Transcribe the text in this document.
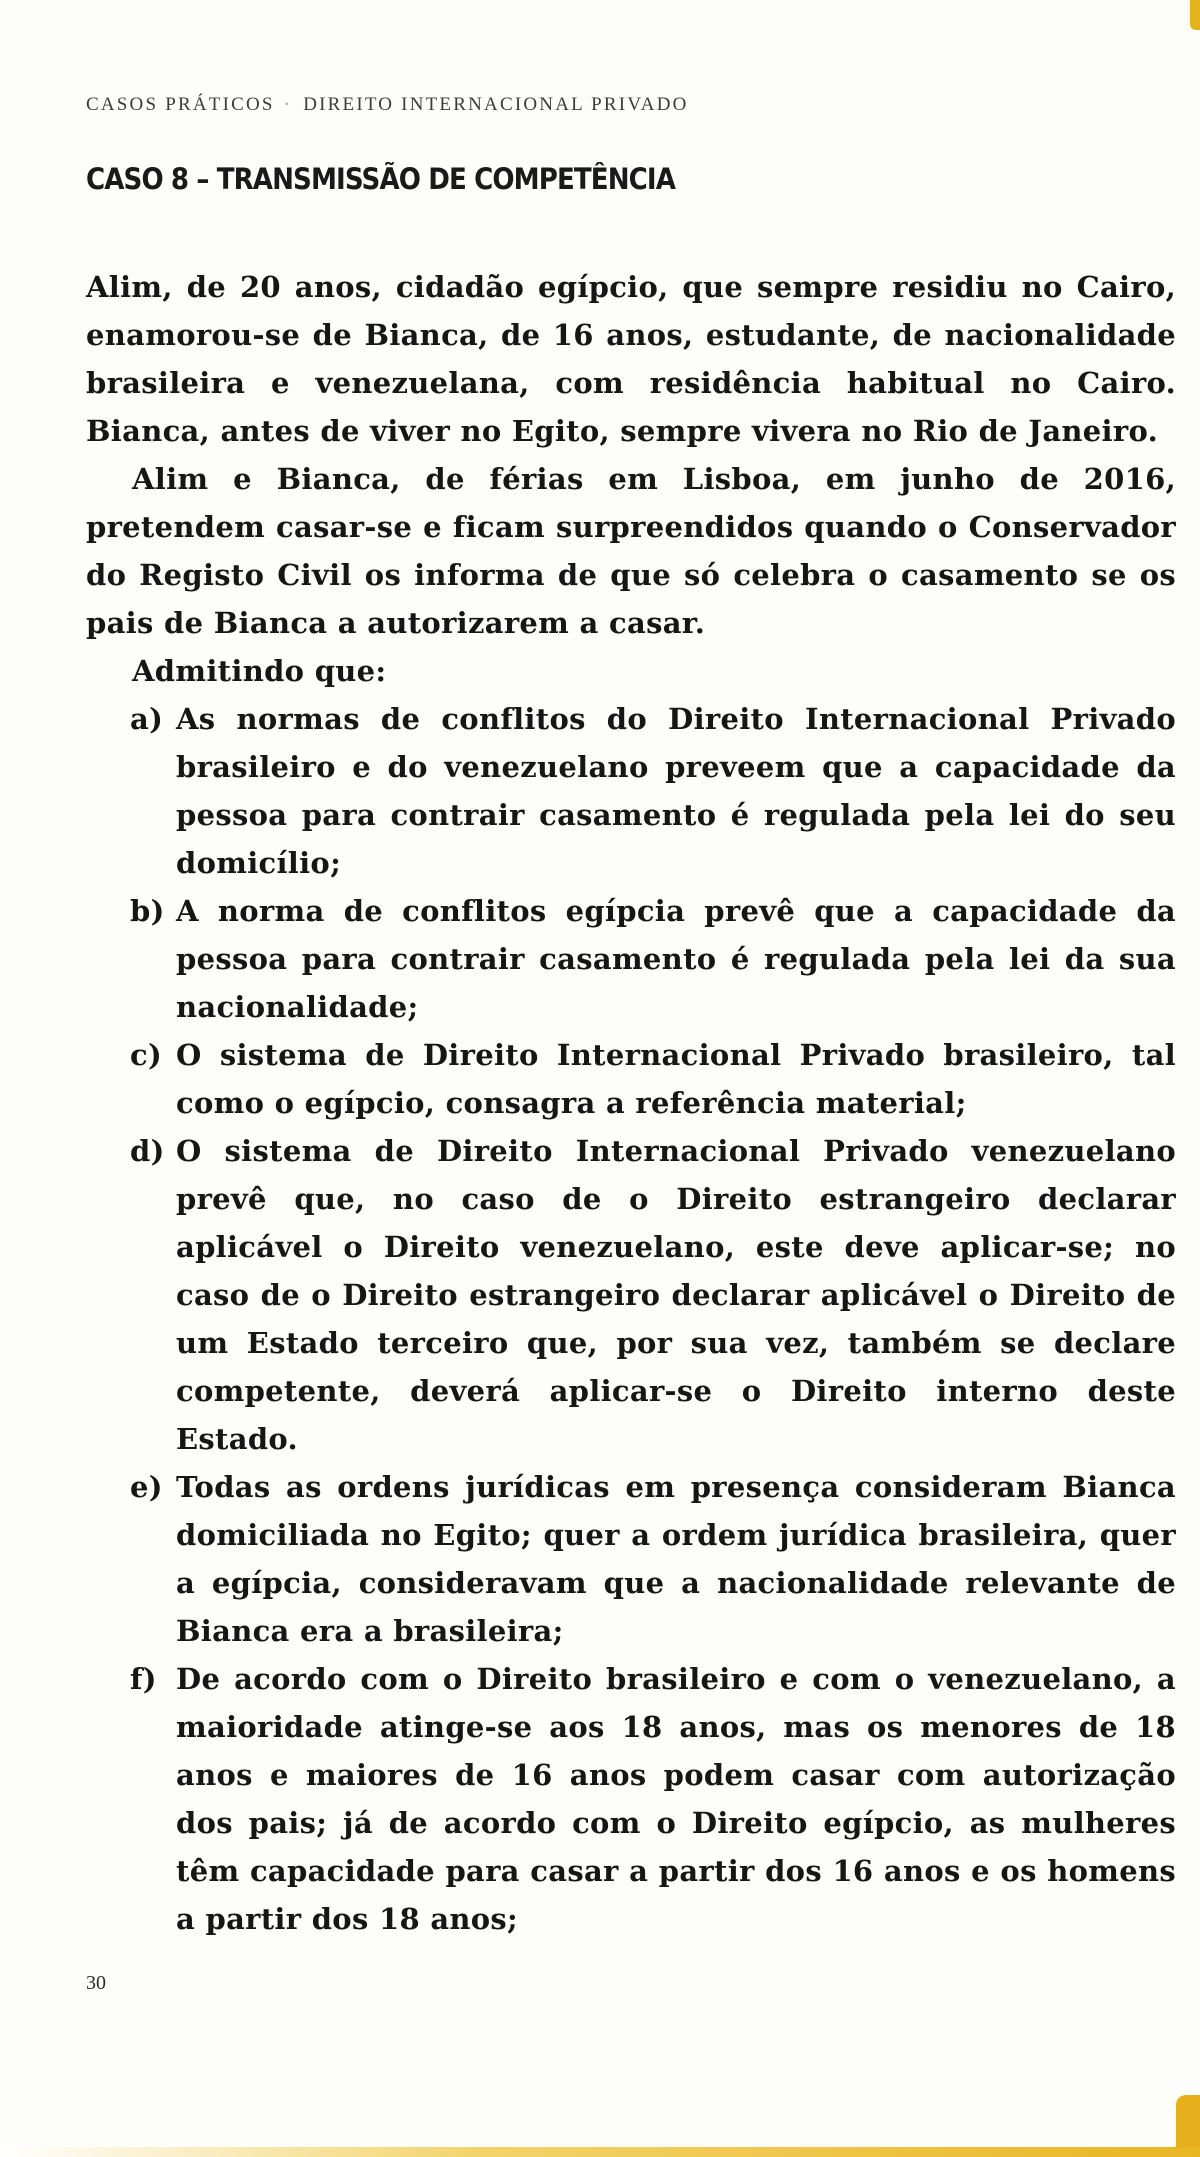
CASOS PRÁTICOS · DIREITO INTERNACIONAL PRIVADO
CASO 8 – TRANSMISSÃO DE COMPETÊNCIA

Alim, de 20 anos, cidadão egípcio, que sempre residiu no Cairo, enamorou-se de Bianca, de 16 anos, estudante, de nacionalidade brasileira e venezuelana, com residência habitual no Cairo. Bianca, antes de viver no Egito, sempre vivera no Rio de Janeiro.

Alim e Bianca, de férias em Lisboa, em junho de 2016, pretendem casar-se e ficam surpreendidos quando o Conservador do Registo Civil os informa de que só celebra o casamento se os pais de Bianca a autorizarem a casar.

Admitindo que:

a) As normas de conflitos do Direito Internacional Privado brasileiro e do venezuelano preveem que a capacidade da pessoa para contrair casamento é regulada pela lei do seu domicílio;
b) A norma de conflitos egípcia prevê que a capacidade da pessoa para contrair casamento é regulada pela lei da sua nacionalidade;
c) O sistema de Direito Internacional Privado brasileiro, tal como o egípcio, consagra a referência material;
d) O sistema de Direito Internacional Privado venezuelano prevê que, no caso de o Direito estrangeiro declarar aplicável o Direito venezuelano, este deve aplicar-se; no caso de o Direito estrangeiro declarar aplicável o Direito de um Estado terceiro que, por sua vez, também se declare competente, deverá aplicar-se o Direito interno deste Estado.
e) Todas as ordens jurídicas em presença consideram Bianca domiciliada no Egito; quer a ordem jurídica brasileira, quer a egípcia, consideravam que a nacionalidade relevante de Bianca era a brasileira;
f) De acordo com o Direito brasileiro e com o venezuelano, a maioridade atinge-se aos 18 anos, mas os menores de 18 anos e maiores de 16 anos podem casar com autorização dos pais; já de acordo com o Direito egípcio, as mulheres têm capacidade para casar a partir dos 16 anos e os homens a partir dos 18 anos;
30
